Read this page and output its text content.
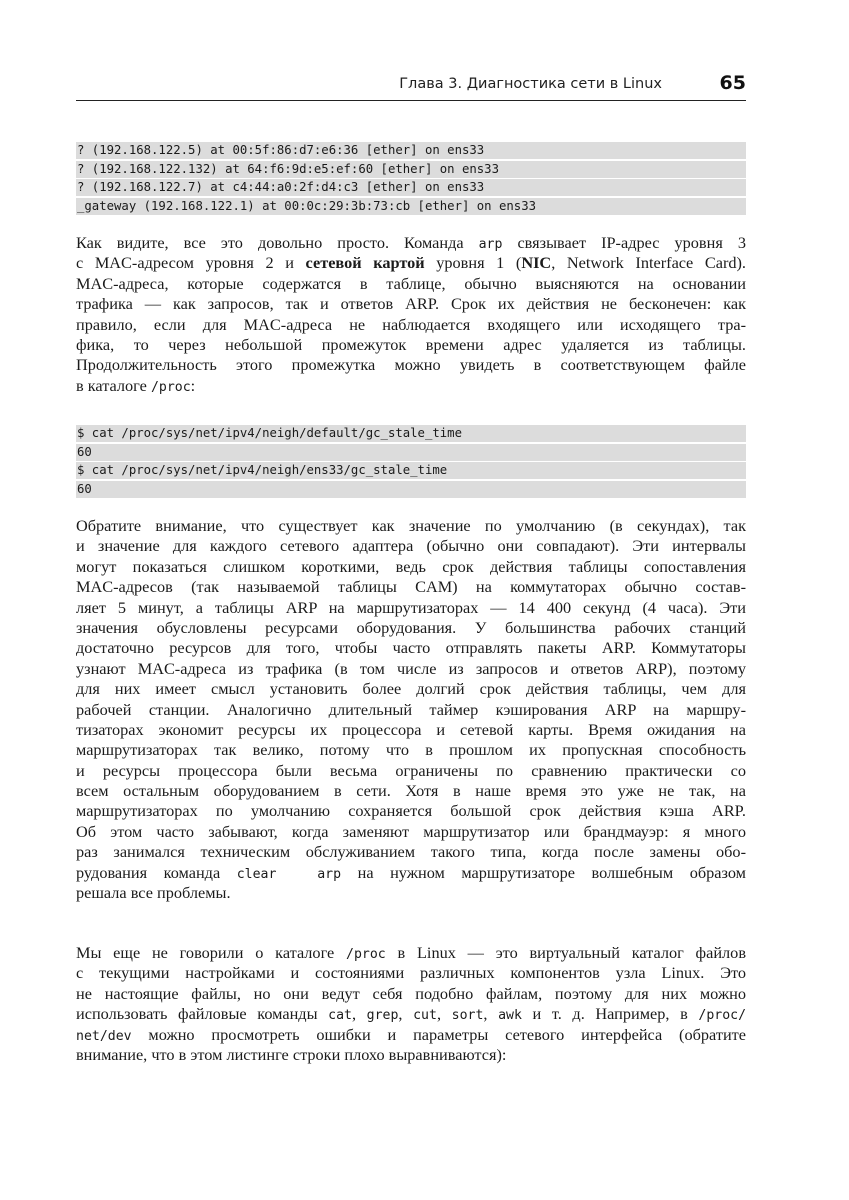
Глава 3. Диагностика сети в Linux	65
? (192.168.122.5) at 00:5f:86:d7:e6:36 [ether] on ens33
? (192.168.122.132) at 64:f6:9d:e5:ef:60 [ether] on ens33
? (192.168.122.7) at c4:44:a0:2f:d4:c3 [ether] on ens33
_gateway (192.168.122.1) at 00:0c:29:3b:73:cb [ether] on ens33
Как видите, все это довольно просто. Команда arp связывает IP-адрес уровня 3
с MAC-адресом уровня 2 и сетевой картой уровня 1 (NIC, Network Interface Card).
MAC-адреса, которые содержатся в таблице, обычно выясняются на основании
трафика — как запросов, так и ответов ARP. Срок их действия не бесконечен: как
правило, если для MAC-адреса не наблюдается входящего или исходящего тра-
фика, то через небольшой промежуток времени адрес удаляется из таблицы.
Продолжительность этого промежутка можно увидеть в соответствующем файле
в каталоге /proc:
$ cat /proc/sys/net/ipv4/neigh/default/gc_stale_time
60
$ cat /proc/sys/net/ipv4/neigh/ens33/gc_stale_time
60
Обратите внимание, что существует как значение по умолчанию (в секундах), так
и значение для каждого сетевого адаптера (обычно они совпадают). Эти интервалы
могут показаться слишком короткими, ведь срок действия таблицы сопоставления
MAC-адресов (так называемой таблицы CAM) на коммутаторах обычно состав-
ляет 5 минут, а таблицы ARP на маршрутизаторах — 14 400 секунд (4 часа). Эти
значения обусловлены ресурсами оборудования. У большинства рабочих станций
достаточно ресурсов для того, чтобы часто отправлять пакеты ARP. Коммутаторы
узнают MAC-адреса из трафика (в том числе из запросов и ответов ARP), поэтому
для них имеет смысл установить более долгий срок действия таблицы, чем для
рабочей станции. Аналогично длительный таймер кэширования ARP на маршру-
тизаторах экономит ресурсы их процессора и сетевой карты. Время ожидания на
маршрутизаторах так велико, потому что в прошлом их пропускная способность
и ресурсы процессора были весьма ограничены по сравнению практически со
всем остальным оборудованием в сети. Хотя в наше время это уже не так, на
маршрутизаторах по умолчанию сохраняется большой срок действия кэша ARP.
Об этом часто забывают, когда заменяют маршрутизатор или брандмауэр: я много
раз занимался техническим обслуживанием такого типа, когда после замены обо-
рудования команда clear  arp на нужном маршрутизаторе волшебным образом
решала все проблемы.
Мы еще не говорили о каталоге /proc в Linux — это виртуальный каталог файлов
с текущими настройками и состояниями различных компонентов узла Linux. Это
не настоящие файлы, но они ведут себя подобно файлам, поэтому для них можно
использовать файловые команды cat, grep, cut, sort, awk и т. д. Например, в /proc/
net/dev можно просмотреть ошибки и параметры сетевого интерфейса (обратите
внимание, что в этом листинге строки плохо выравниваются):
